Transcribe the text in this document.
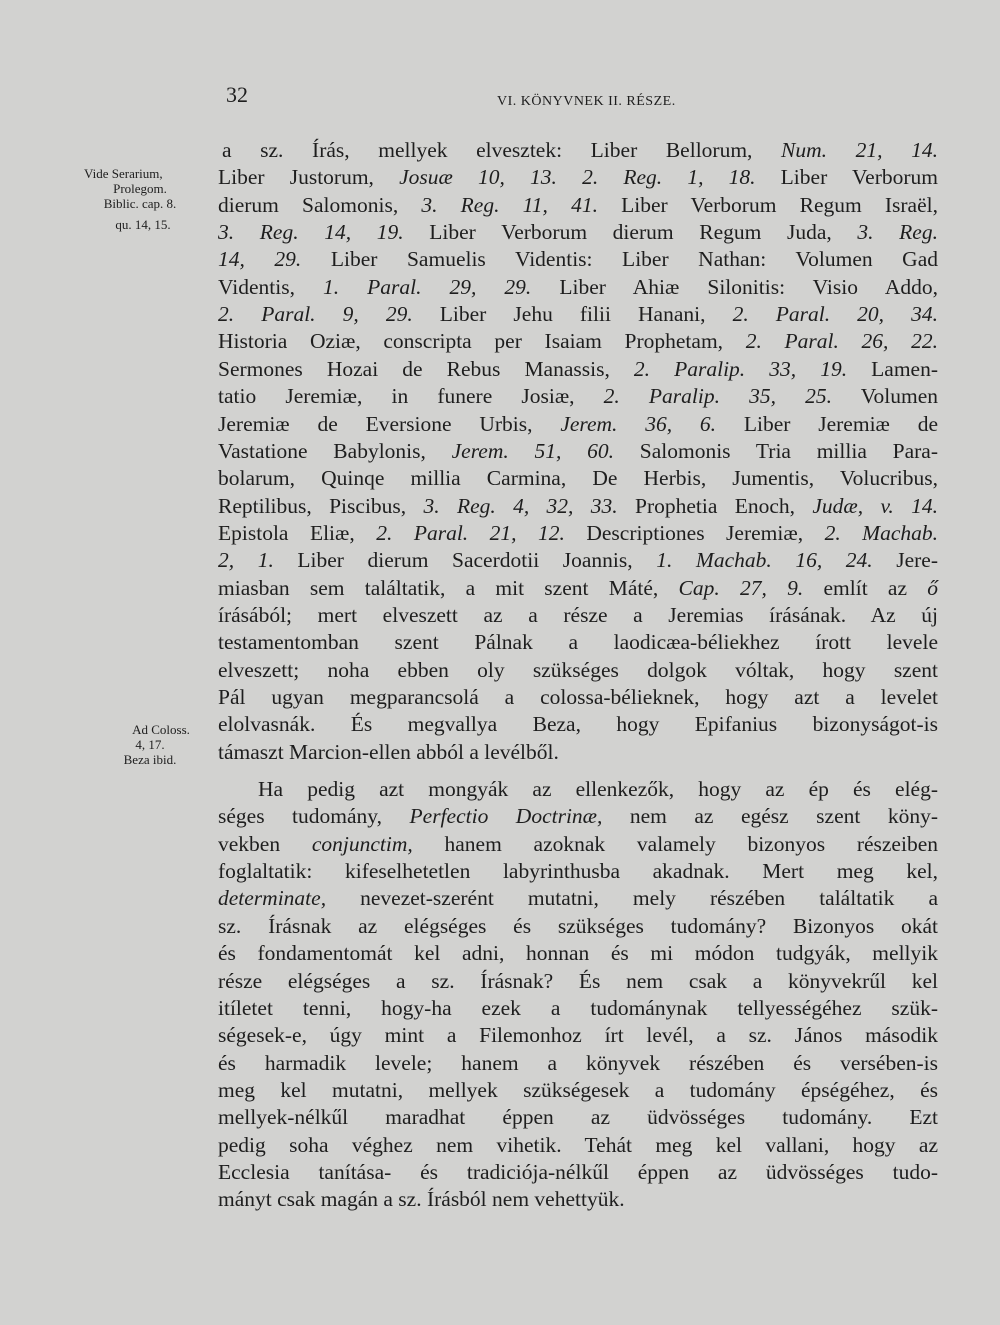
32	VI. KÖNYVNEK II. RÉSZE.
Vide Serarium,
Prolegom.
Biblic. cap. 8.
qu. 14, 15.
Ad Coloss.
4, 17.
Beza ibid.
a sz. Írás, mellyek elvesztek: Liber Bellorum, Num. 21, 14.
Liber Justorum, Josuæ 10, 13. 2. Reg. 1, 18. Liber Verborum
dierum Salomonis, 3. Reg. 11, 41. Liber Verborum Regum Israël,
3. Reg. 14, 19. Liber Verborum dierum Regum Juda, 3. Reg.
14, 29. Liber Samuelis Videntis: Liber Nathan: Volumen Gad
Videntis, 1. Paral. 29, 29. Liber Ahiæ Silonitis: Visio Addo,
2. Paral. 9, 29. Liber Jehu filii Hanani, 2. Paral. 20, 34.
Historia Oziæ, conscripta per Isaiam Prophetam, 2. Paral. 26, 22.
Sermones Hozai de Rebus Manassis, 2. Paralip. 33, 19. Lamen-
tatio Jeremiæ, in funere Josiæ, 2. Paralip. 35, 25. Volumen
Jeremiæ de Eversione Urbis, Jerem. 36, 6. Liber Jeremiæ de
Vastatione Babylonis, Jerem. 51, 60. Salomonis Tria millia Para-
bolarum, Quinqe millia Carmina, De Herbis, Jumentis, Volucribus,
Reptilibus, Piscibus, 3. Reg. 4, 32, 33. Prophetia Enoch, Judæ, v. 14.
Epistola Eliæ, 2. Paral. 21, 12. Descriptiones Jeremiæ, 2. Machab.
2, 1. Liber dierum Sacerdotii Joannis, 1. Machab. 16, 24. Jere-
miasban sem találtatik, a mit szent Máté, Cap. 27, 9. említ az ő
írásából; mert elveszett az a része a Jeremias írásának. Az új
testamentomban szent Pálnak a laodicæa-béliekhez írott levele
elveszett; noha ebben oly szükséges dolgok vóltak, hogy szent
Pál ugyan megparancsolá a colossa-bélieknek, hogy azt a levelet
elolvasnák. És megvallya Beza, hogy Epifanius bizonyságot-is
támaszt Marcion-ellen abból a levélből.
Ha pedig azt mongyák az ellenkezők, hogy az ép és elég-
séges tudomány, Perfectio Doctrinæ, nem az egész szent köny-
vekben conjunctim, hanem azoknak valamely bizonyos részeiben
foglaltatik: kifeselhetetlen labyrinthusba akadnak. Mert meg kel,
determinate, nevezet-szerént mutatni, mely részében találtatik a
sz. Írásnak az elégséges és szükséges tudomány? Bizonyos okát
és fondamentomát kel adni, honnan és mi módon tudgyák, mellyik
része elégséges a sz. Írásnak? És nem csak a könyvekrűl kel
itíletet tenni, hogy-ha ezek a tudománynak tellyességéhez szük-
ségesek-e, úgy mint a Filemonhoz írt levél, a sz. János második
és harmadik levele; hanem a könyvek részében és versében-is
meg kel mutatni, mellyek szükségesek a tudomány épségéhez, és
mellyek-nélkűl maradhat éppen az üdvösséges tudomány. Ezt
pedig soha véghez nem vihetik. Tehát meg kel vallani, hogy az
Ecclesia tanítása- és tradiciója-nélkűl éppen az üdvösséges tudo-
mányt csak magán a sz. Írásból nem vehettyük.
